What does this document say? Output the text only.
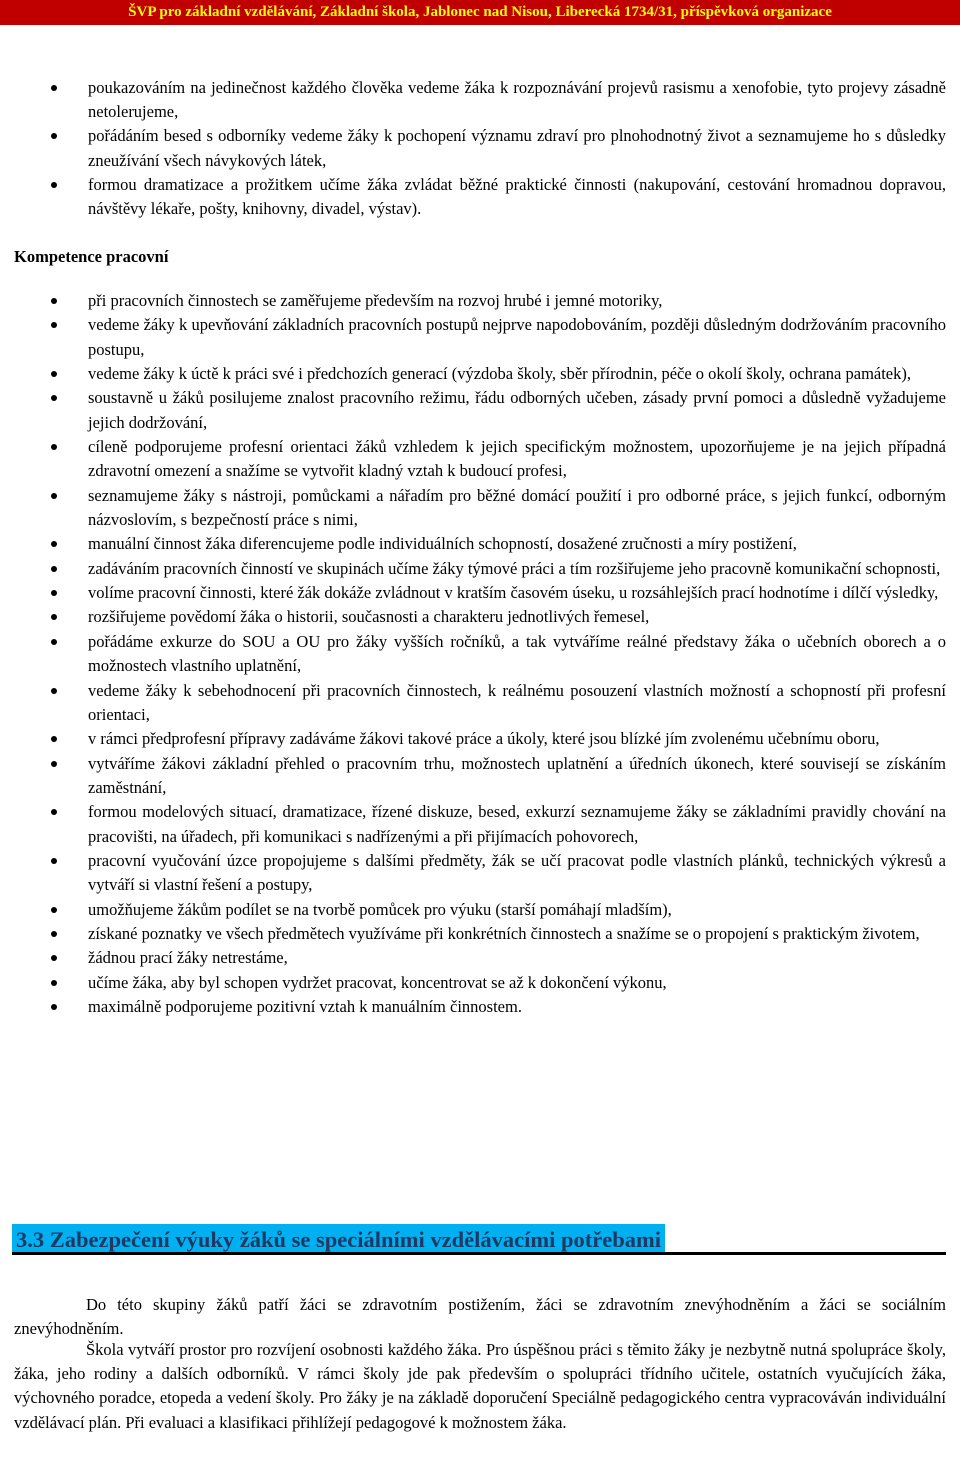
ŠVP pro základní vzdělávání, Základní škola, Jablonec nad Nisou, Liberecká 1734/31, příspěvková organizace
poukazováním na jedinečnost každého člověka vedeme žáka k rozpoznávání projevů rasismu a xenofobie, tyto projevy zásadně netolerujeme,
pořádáním besed s odborníky vedeme žáky k pochopení významu zdraví pro plnohodnotný život a seznamujeme ho s důsledky zneužívání všech návykových látek,
formou dramatizace a prožitkem učíme žáka zvládat běžné praktické činnosti (nakupování, cestování hromadnou dopravou, návštěvy lékaře, pošty, knihovny, divadel, výstav).
Kompetence pracovní
při pracovních činnostech se zaměřujeme především na rozvoj hrubé i jemné motoriky,
vedeme žáky k upevňování základních pracovních postupů nejprve napodobováním, později důsledným dodržováním pracovního postupu,
vedeme žáky k úctě k práci své i předchozích generací (výzdoba školy, sběr přírodnin, péče o okolí školy, ochrana památek),
soustavně u žáků posilujeme znalost pracovního režimu, řádu odborných učeben, zásady první pomoci a důsledně vyžadujeme jejich dodržování,
cíleně podporujeme profesní orientaci žáků vzhledem k jejich specifickým možnostem, upozorňujeme je na jejich případná zdravotní omezení a snažíme se vytvořit kladný vztah k budoucí profesi,
seznamujeme žáky s nástroji, pomůckami a nářadím pro běžné domácí použití i pro odborné práce, s jejich funkcí, odborným názvoslovím, s bezpečností práce s nimi,
manuální činnost žáka diferencujeme podle individuálních schopností, dosažené zručnosti a míry postižení,
zadáváním pracovních činností ve skupinách učíme žáky týmové práci a tím rozšiřujeme jeho pracovně komunikační schopnosti,
volíme pracovní činnosti, které žák dokáže zvládnout v kratším časovém úseku, u rozsáhlejších prací hodnotíme i dílčí výsledky,
rozšiřujeme povědomí žáka o historii, současnosti a charakteru jednotlivých řemesel,
pořádáme exkurze do SOU a OU pro žáky vyšších ročníků, a tak vytváříme reálné představy žáka o učebních oborech a o možnostech vlastního uplatnění,
vedeme žáky k sebehodnocení při pracovních činnostech, k reálnému posouzení vlastních možností a schopností při profesní orientaci,
v rámci předprofesní přípravy zadáváme žákovi takové práce a úkoly, které jsou blízké jím zvolenému učebnímu oboru,
vytváříme žákovi základní přehled o pracovním trhu, možnostech uplatnění a úředních úkonech, které souvisejí se získáním zaměstnání,
formou modelových situací, dramatizace, řízené diskuze, besed, exkurzí seznamujeme žáky se základními pravidly chování na pracovišti, na úřadech, při komunikaci s nadřízenými a při přijímacích pohovorech,
pracovní vyučování úzce propojujeme s dalšími předměty, žák se učí pracovat podle vlastních plánků, technických výkresů a vytváří si vlastní řešení a postupy,
umožňujeme žákům podílet se na tvorbě pomůcek pro výuku (starší pomáhají mladším),
získané poznatky ve všech předmětech využíváme při konkrétních činnostech a snažíme se o propojení s praktickým životem,
žádnou prací žáky netrestáme,
učíme žáka, aby byl schopen vydržet pracovat, koncentrovat se až k dokončení výkonu,
maximálně podporujeme pozitivní vztah k manuálním činnostem.
3.3 Zabezpečení výuky žáků se speciálními vzdělávacími potřebami

Do této skupiny žáků patří žáci se zdravotním postižením, žáci se zdravotním znevýhodněním a žáci se sociálním znevýhodněním.

Škola vytváří prostor pro rozvíjení osobnosti každého žáka. Pro úspěšnou práci s těmito žáky je nezbytně nutná spolupráce školy, žáka, jeho rodiny a dalších odborníků. V rámci školy jde pak především o spolupráci třídního učitele, ostatních vyučujících žáka, výchovného poradce, etopeda a vedení školy. Pro žáky je na základě doporučení Speciálně pedagogického centra vypracováván individuální vzdělávací plán. Při evaluaci a klasifikaci přihlížejí pedagogové k možnostem žáka.
